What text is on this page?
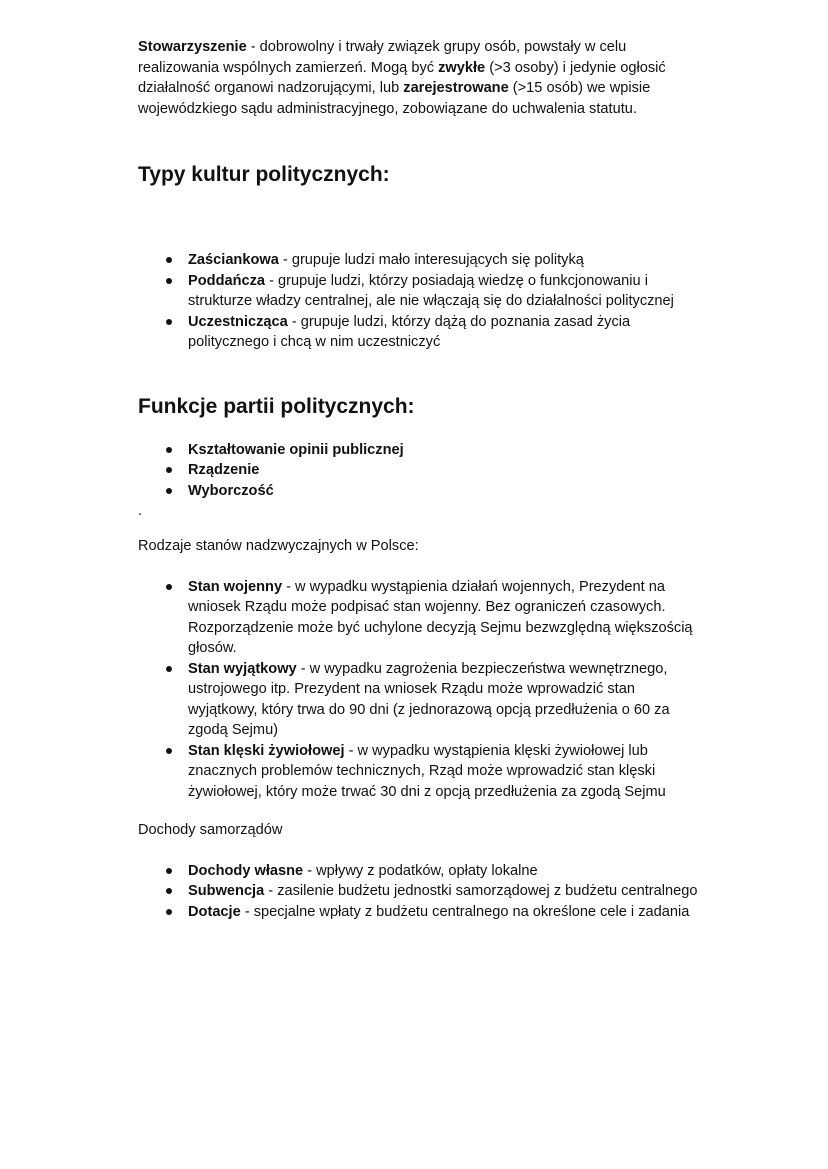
Stowarzyszenie - dobrowolny i trwały związek grupy osób, powstały w celu realizowania wspólnych zamierzeń. Mogą być zwykłe (>3 osoby) i jedynie ogłosić działalność organowi nadzorującymi, lub zarejestrowane (>15 osób) we wpisie wojewódzkiego sądu administracyjnego, zobowiązane do uchwalenia statutu.

Typy kultur politycznych:
Zaściankowa - grupuje ludzi mało interesujących się polityką
Poddańcza - grupuje ludzi, którzy posiadają wiedzę o funkcjonowaniu i strukturze władzy centralnej, ale nie włączają się do działalności politycznej
Uczestnicząca - grupuje ludzi, którzy dążą do poznania zasad życia politycznego i chcą w nim uczestniczyć
Funkcje partii politycznych:
Kształtowanie opinii publicznej
Rządzenie
Wyborczość

.

Rodzaje stanów nadzwyczajnych w Polsce:

Stan wojenny - w wypadku wystąpienia działań wojennych, Prezydent na wniosek Rządu może podpisać stan wojenny. Bez ograniczeń czasowych. Rozporządzenie może być uchylone decyzją Sejmu bezwzględną większością głosów.
Stan wyjątkowy - w wypadku zagrożenia bezpieczeństwa wewnętrznego, ustrojowego itp. Prezydent na wniosek Rządu może wprowadzić stan wyjątkowy, który trwa do 90 dni (z jednorazową opcją przedłużenia o 60 za zgodą Sejmu)
Stan klęski żywiołowej - w wypadku wystąpienia klęski żywiołowej lub znacznych problemów technicznych, Rząd może wprowadzić stan klęski żywiołowej, który może trwać 30 dni z opcją przedłużenia za zgodą Sejmu

Dochody samorządów

Dochody własne - wpływy z podatków, opłaty lokalne
Subwencja - zasilenie budżetu jednostki samorządowej z budżetu centralnego
Dotacje - specjalne wpłaty z budżetu centralnego na określone cele i zadania
